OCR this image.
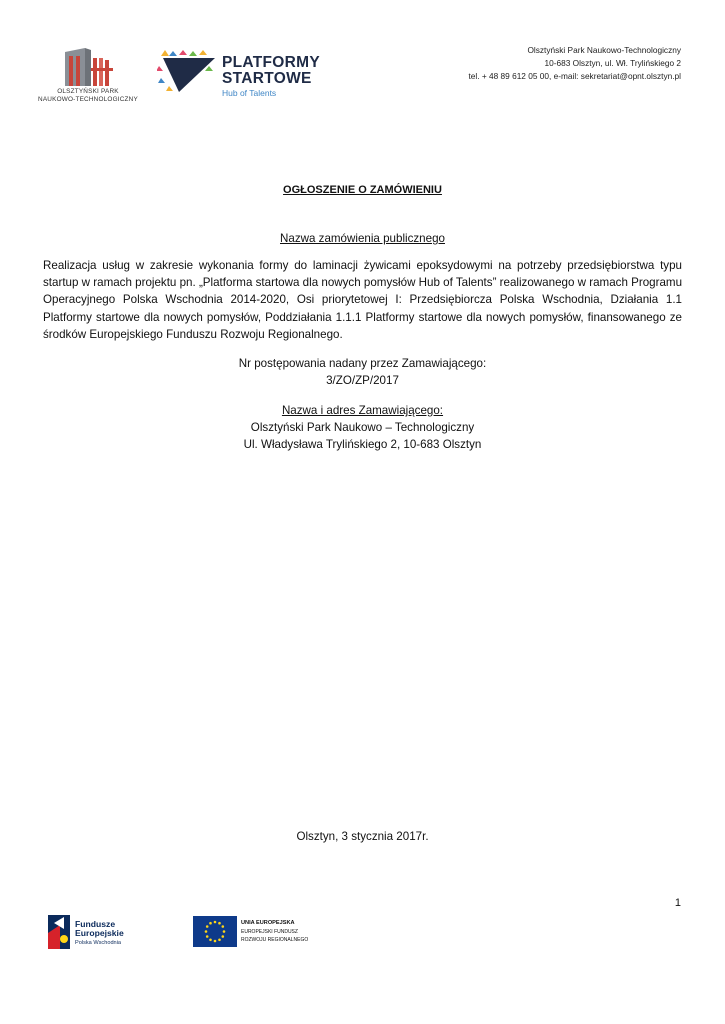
OLSZTYŃSKI PARK
NAUKOWO-TECHNOLOGICZNY
PLATFORMY
STARTOWE
Hub of Talents
Olsztyński Park Naukowo-Technologiczny
10-683 Olsztyn, ul. Wł. Trylińskiego 2
tel. + 48 89 612 05 00, e-mail: sekretariat@opnt.olsztyn.pl
OGŁOSZENIE O ZAMÓWIENIU
Nazwa zamówienia publicznego
Realizacja usług w zakresie wykonania formy do laminacji żywicami epoksydowymi na potrzeby przedsiębiorstwa typu startup w ramach projektu pn. „Platforma startowa dla nowych pomysłów Hub of Talents” realizowanego w ramach Programu Operacyjnego Polska Wschodnia 2014-2020, Osi priorytetowej I: Przedsiębiorcza Polska Wschodnia, Działania 1.1 Platformy startowe dla nowych pomysłów, Poddziałania 1.1.1 Platformy startowe dla nowych pomysłów, finansowanego ze środków Europejskiego Funduszu Rozwoju Regionalnego.
Nr postępowania nadany przez Zamawiającego:
3/ZO/ZP/2017
Nazwa i adres Zamawiającego:
Olsztyński Park Naukowo – Technologiczny
Ul. Władysława Trylińskiego 2, 10-683 Olsztyn
Olsztyn, 3 stycznia 2017r.
1
Fundusze
Europejskie
Polska Wschodnia
UNIA EUROPEJSKA
EUROPEJSKI FUNDUSZ
ROZWOJU REGIONALNEGO
